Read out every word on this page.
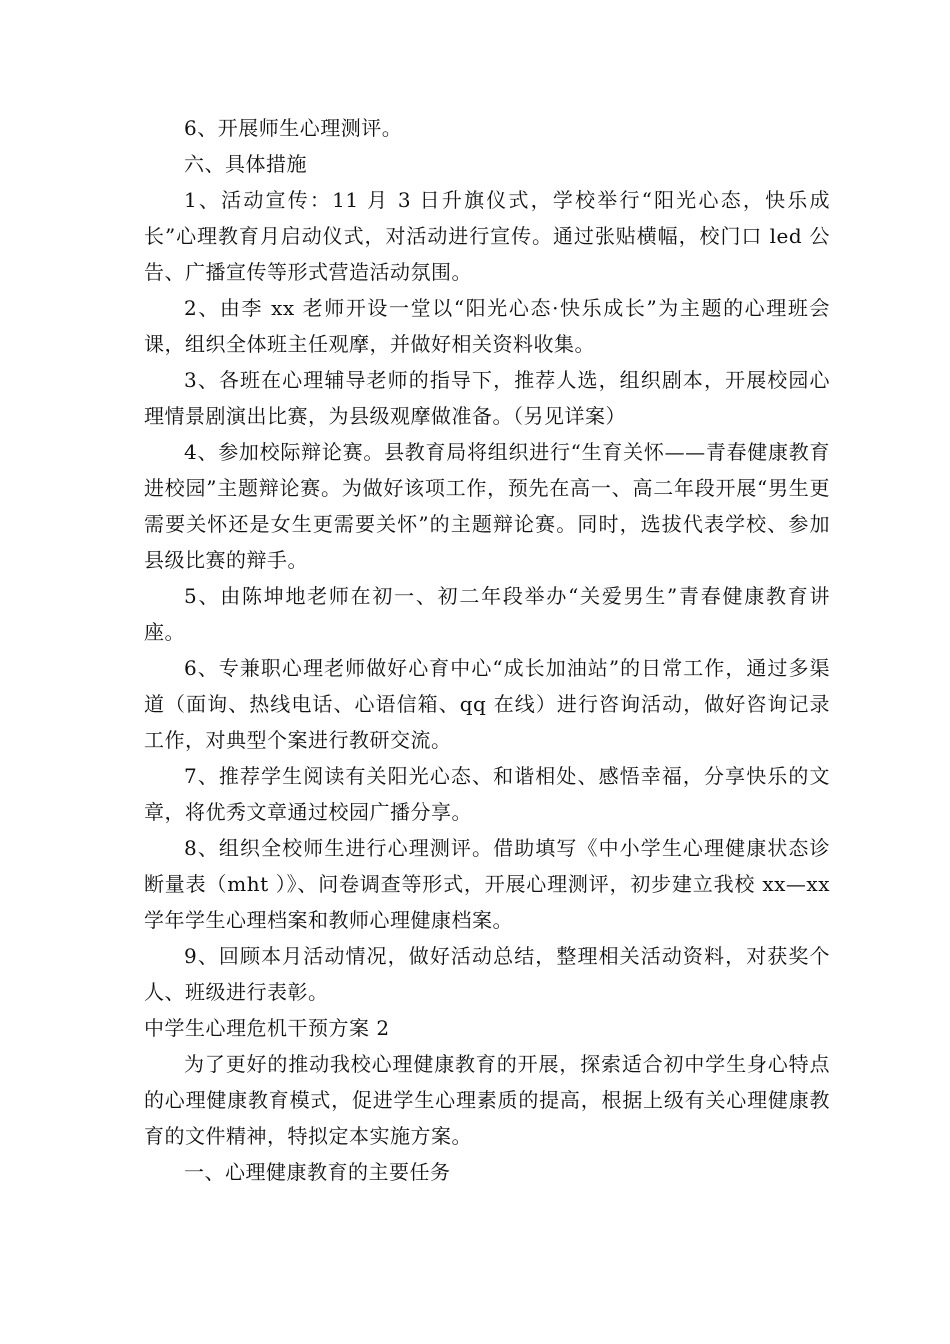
6、开展师生心理测评。

六、具体措施

1、活动宣传：11 月 3 日升旗仪式，学校举行“阳光心态，快乐成长”心理教育月启动仪式，对活动进行宣传。通过张贴横幅，校门口 led 公告、广播宣传等形式营造活动氛围。

2、由李 xx 老师开设一堂以“阳光心态·快乐成长”为主题的心理班会课，组织全体班主任观摩，并做好相关资料收集。

3、各班在心理辅导老师的指导下，推荐人选，组织剧本，开展校园心理情景剧演出比赛，为县级观摩做准备。（另见详案）

4、参加校际辩论赛。县教育局将组织进行“生育关怀——青春健康教育进校园”主题辩论赛。为做好该项工作，预先在高一、高二年段开展“男生更需要关怀还是女生更需要关怀”的主题辩论赛。同时，选拔代表学校、参加县级比赛的辩手。

5、由陈坤地老师在初一、初二年段举办“关爱男生”青春健康教育讲座。

6、专兼职心理老师做好心育中心“成长加油站”的日常工作，通过多渠道（面询、热线电话、心语信箱、qq 在线）进行咨询活动，做好咨询记录工作，对典型个案进行教研交流。

7、推荐学生阅读有关阳光心态、和谐相处、感悟幸福，分享快乐的文章，将优秀文章通过校园广播分享。

8、组织全校师生进行心理测评。借助填写《中小学生心理健康状态诊断量表（mht ）》、问卷调查等形式，开展心理测评，初步建立我校 xx—xx 学年学生心理档案和教师心理健康档案。

9、回顾本月活动情况，做好活动总结，整理相关活动资料，对获奖个人、班级进行表彰。

中学生心理危机干预方案 2

为了更好的推动我校心理健康教育的开展，探索适合初中学生身心特点的心理健康教育模式，促进学生心理素质的提高，根据上级有关心理健康教育的文件精神，特拟定本实施方案。

一、心理健康教育的主要任务
